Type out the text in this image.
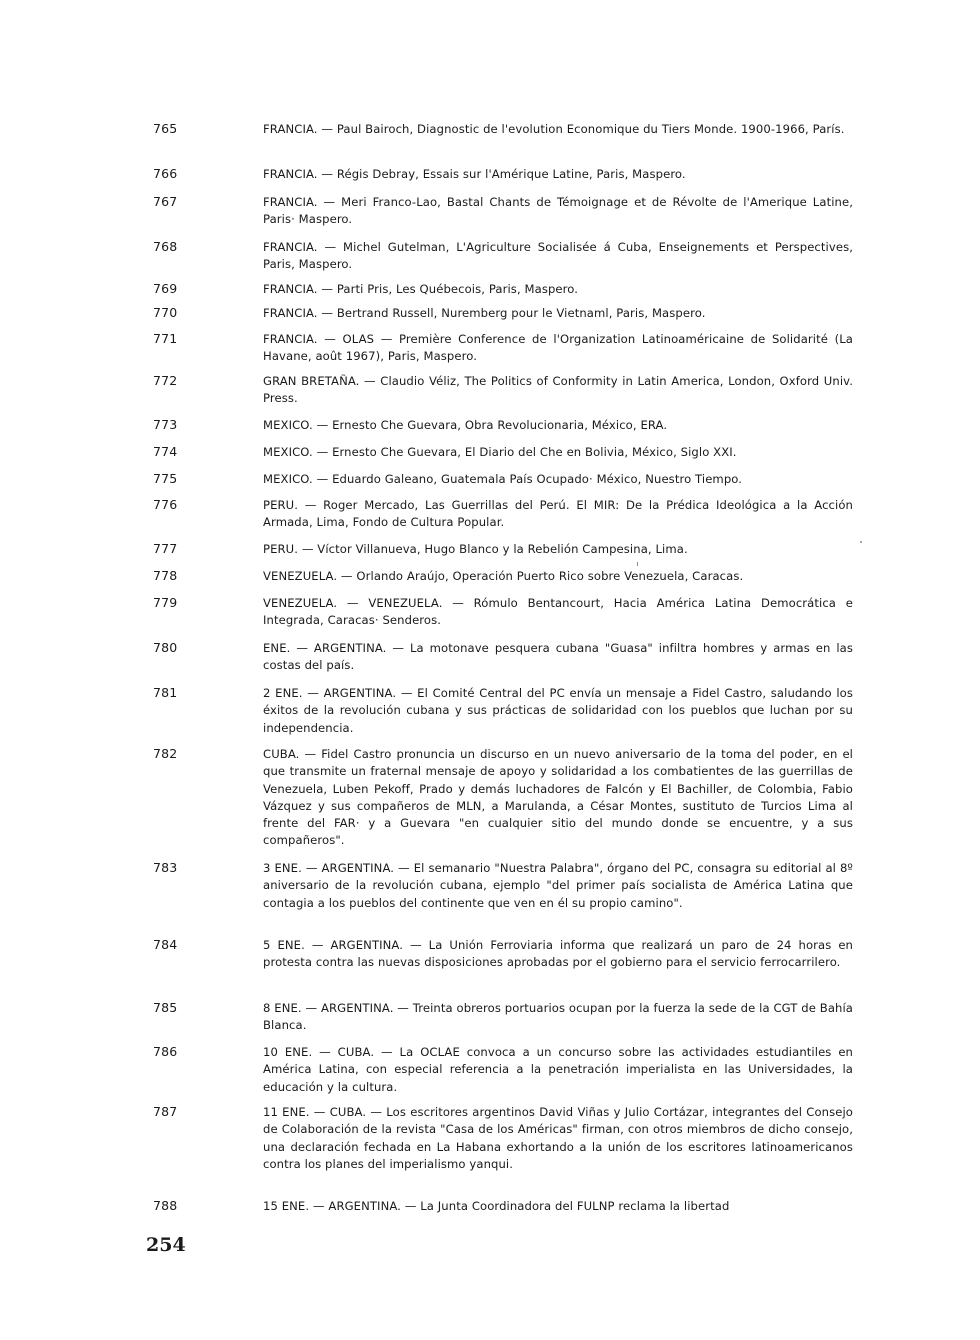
765	FRANCIA. — Paul Bairoch, Diagnostic de l'evolution Economique du Tiers Monde. 1900-1966, París.
766	FRANCIA. — Régis Debray, Essais sur l'Amérique Latine, Paris, Maspero.
767	FRANCIA. — Meri Franco-Lao, Bastal Chants de Témoignage et de Révolte de l'Amerique Latine, Paris· Maspero.
768	FRANCIA. — Michel Gutelman, L'Agriculture Socialisée á Cuba, Enseignements et Perspectives, Paris, Maspero.
769	FRANCIA. — Parti Pris, Les Québecois, Paris, Maspero.
770	FRANCIA. — Bertrand Russell, Nuremberg pour le Vietnaml, Paris, Maspero.
771	FRANCIA. — OLAS — Première Conference de l'Organization Latinoaméricaine de Solidarité (La Havane, août 1967), Paris, Maspero.
772	GRAN BRETAÑA. — Claudio Véliz, The Politics of Conformity in Latin America, London, Oxford Univ. Press.
773	MEXICO. — Ernesto Che Guevara, Obra Revolucionaria, México, ERA.
774	MEXICO. — Ernesto Che Guevara, El Diario del Che en Bolivia, México, Siglo XXI.
775	MEXICO. — Eduardo Galeano, Guatemala País Ocupado· México, Nuestro Tiempo.
776	PERU. — Roger Mercado, Las Guerrillas del Perú. El MIR: De la Prédica Ideológica a la Acción Armada, Lima, Fondo de Cultura Popular.
777	PERU. — Víctor Villanueva, Hugo Blanco y la Rebelión Campesina, Lima.
778	VENEZUELA. — Orlando Araújo, Operación Puerto Rico sobre Venezuela, Caracas.
779	VENEZUELA. — VENEZUELA. — Rómulo Bentancourt, Hacia América Latina Democrática e Integrada, Caracas· Senderos.
780	ENE. — ARGENTINA. — La motonave pesquera cubana "Guasa" infiltra hombres y armas en las costas del país.
781	2 ENE. — ARGENTINA. — El Comité Central del PC envía un mensaje a Fidel Castro, saludando los éxitos de la revolución cubana y sus prácticas de solidaridad con los pueblos que luchan por su independencia.
782	CUBA. — Fidel Castro pronuncia un discurso en un nuevo aniversario de la toma del poder, en el que transmite un fraternal mensaje de apoyo y solidaridad a los combatientes de las guerrillas de Venezuela, Luben Pekoff, Prado y demás luchadores de Falcón y El Bachiller, de Colombia, Fabio Vázquez y sus compañeros de MLN, a Marulanda, a César Montes, sustituto de Turcios Lima al frente del FAR· y a Guevara "en cualquier sitio del mundo donde se encuentre, y a sus compañeros".
783	3 ENE. — ARGENTINA. — El semanario "Nuestra Palabra", órgano del PC, consagra su editorial al 8º aniversario de la revolución cubana, ejemplo "del primer país socialista de América Latina que contagia a los pueblos del continente que ven en él su propio camino".
784	5 ENE. — ARGENTINA. — La Unión Ferroviaria informa que realizará un paro de 24 horas en protesta contra las nuevas disposiciones aprobadas por el gobierno para el servicio ferrocarrilero.
785	8 ENE. — ARGENTINA. — Treinta obreros portuarios ocupan por la fuerza la sede de la CGT de Bahía Blanca.
786	10 ENE. — CUBA. — La OCLAE convoca a un concurso sobre las actividades estudiantiles en América Latina, con especial referencia a la penetración imperialista en las Universidades, la educación y la cultura.
787	11 ENE. — CUBA. — Los escritores argentinos David Viñas y Julio Cortázar, integrantes del Consejo de Colaboración de la revista "Casa de los Américas" firman, con otros miembros de dicho consejo, una declaración fechada en La Habana exhortando a la unión de los escritores latinoamericanos contra los planes del imperialismo yanqui.
788	15 ENE. — ARGENTINA. — La Junta Coordinadora del FULNP reclama la libertad
254
